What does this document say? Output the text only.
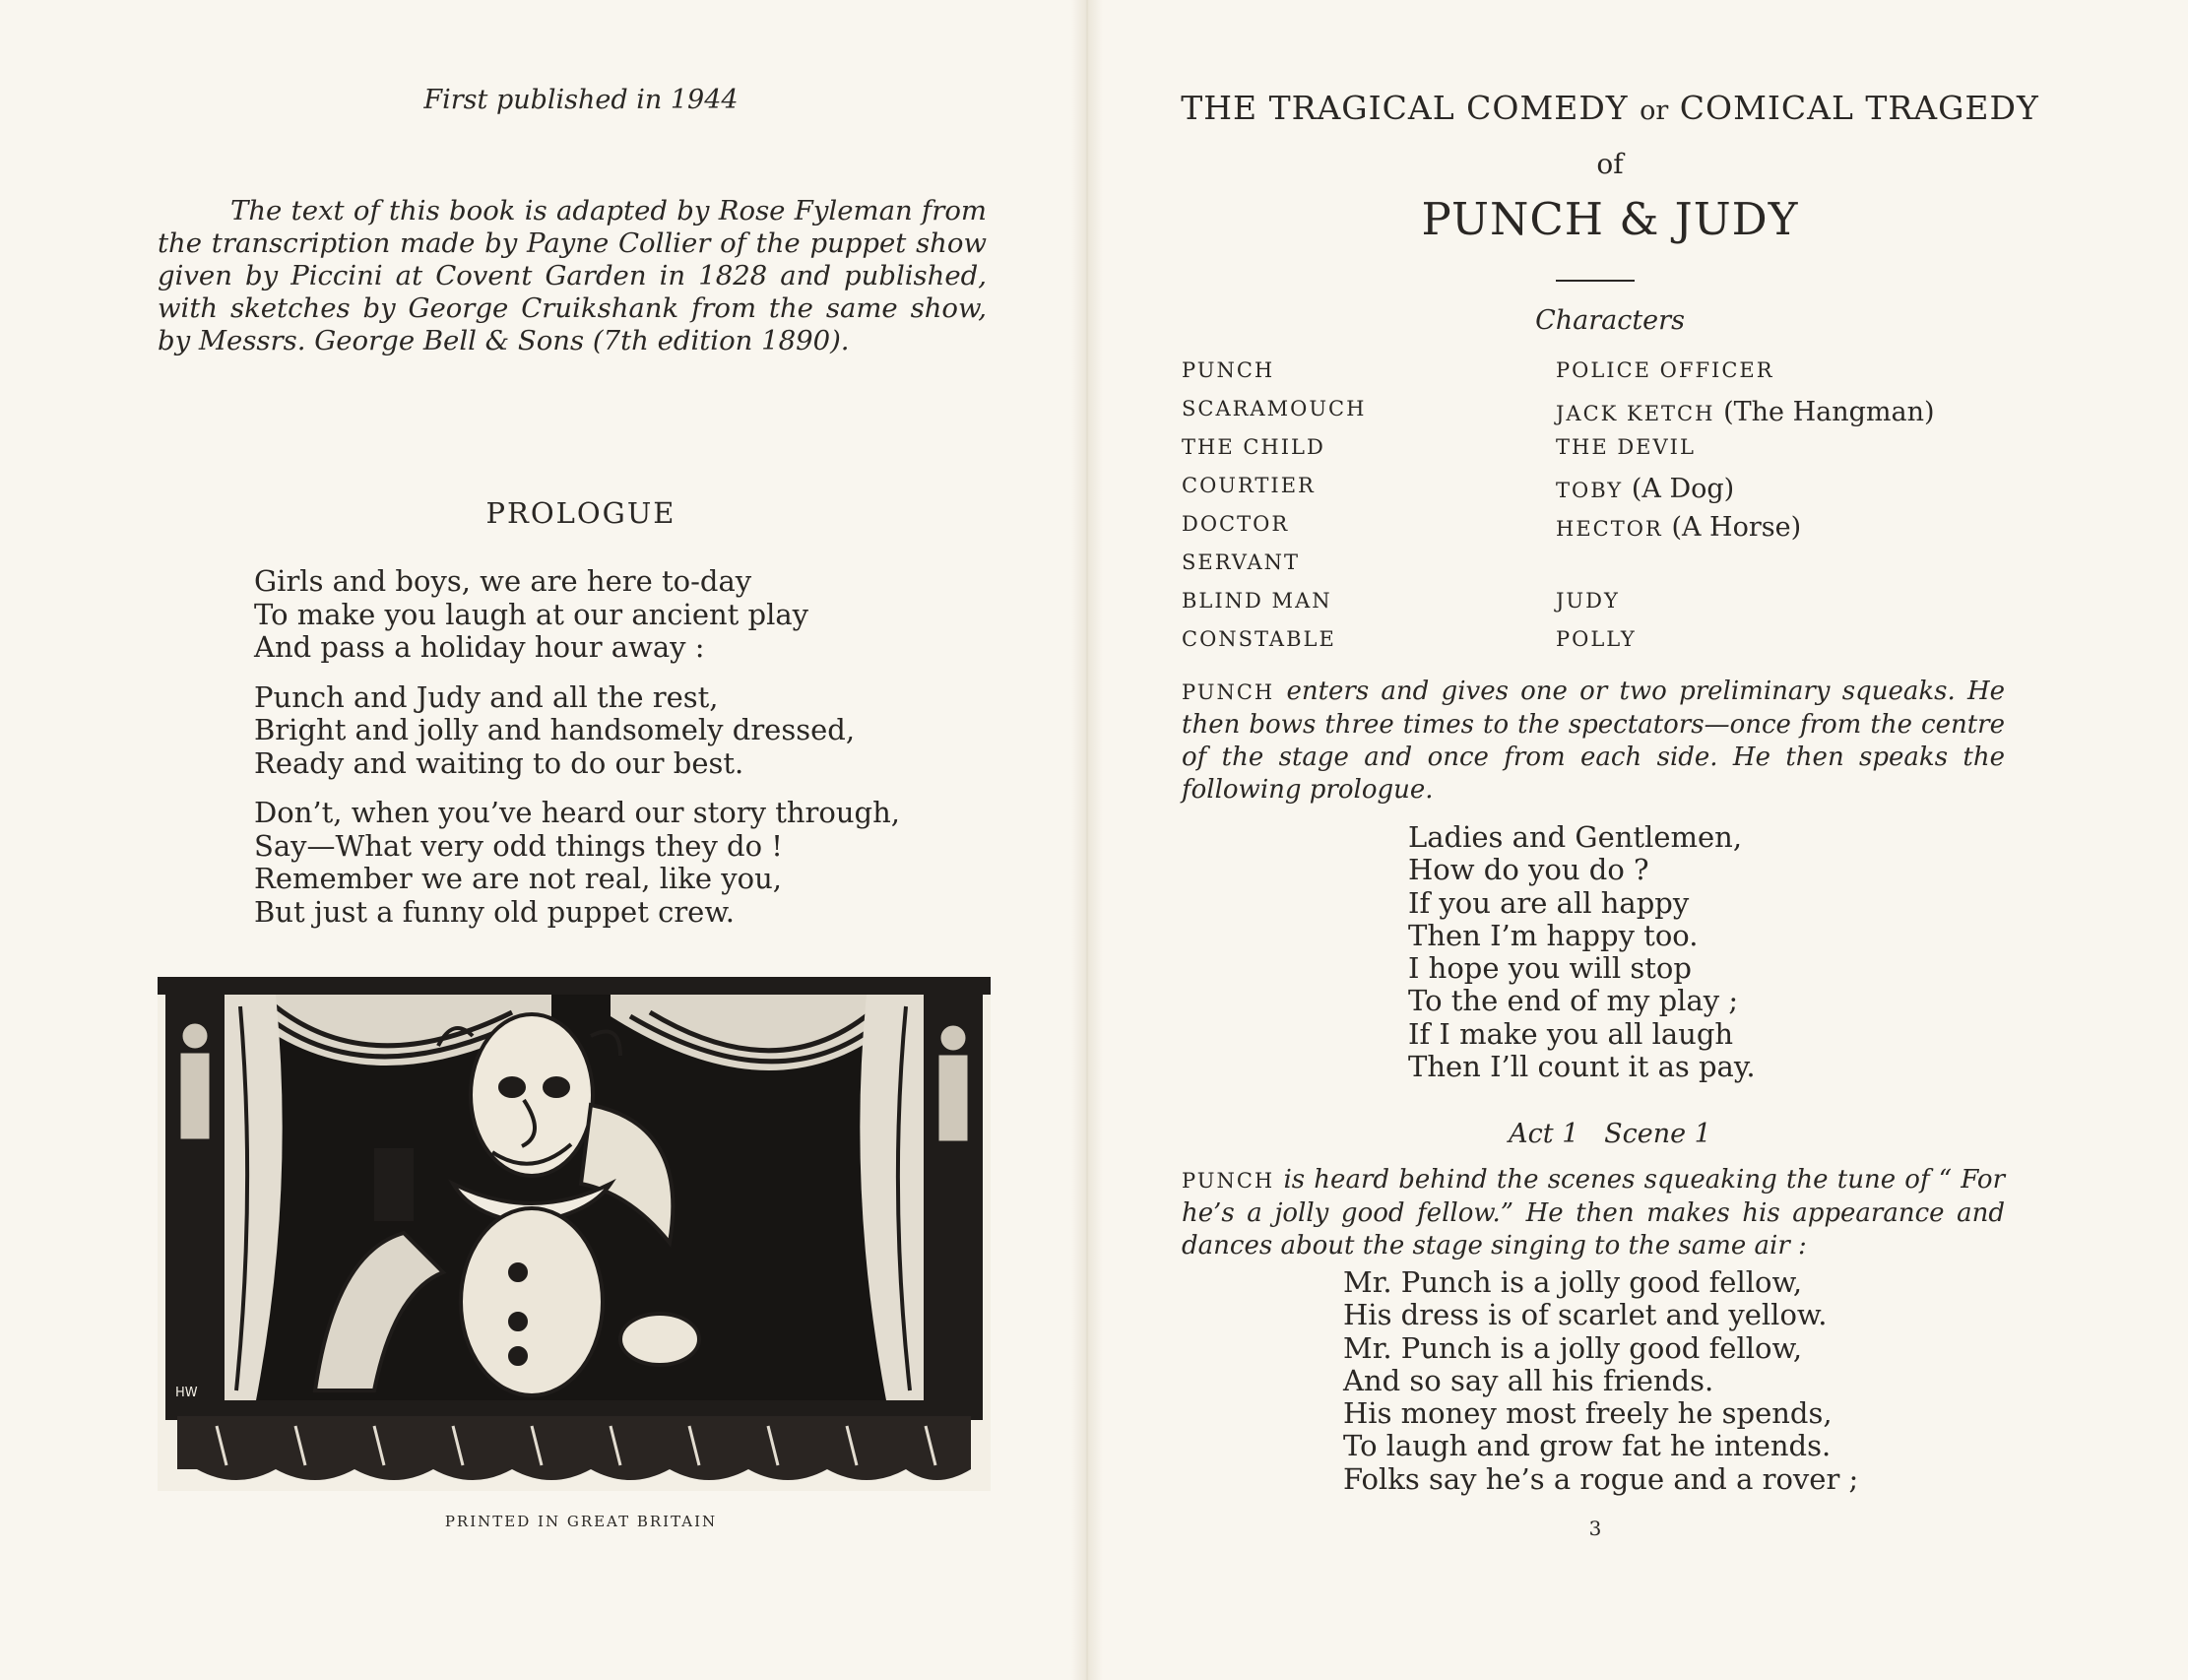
First published in 1944

The text of this book is adapted by Rose Fyleman from the transcription made by Payne Collier of the puppet show given by Piccini at Covent Garden in 1828 and published, with sketches by George Cruikshank from the same show, by Messrs. George Bell & Sons (7th edition 1890).

PROLOGUE
Girls and boys, we are here to-day
To make you laugh at our ancient play
And pass a holiday hour away :
Punch and Judy and all the rest,
Bright and jolly and handsomely dressed,
Ready and waiting to do our best.
Don’t, when you’ve heard our story through,
Say—What very odd things they do !
Remember we are not real, like you,
But just a funny old puppet crew.
HW
PRINTED IN GREAT BRITAIN
THE TRAGICAL COMEDY or COMICAL TRAGEDY
of
PUNCH & JUDY
Characters
PUNCH
SCARAMOUCH
THE CHILD
COURTIER
DOCTOR
SERVANT
BLIND MAN
CONSTABLE
POLICE OFFICER
JACK KETCH (The Hangman)
THE DEVIL
TOBY (A Dog)
HECTOR (A Horse)
JUDY
POLLY
PUNCH enters and gives one or two preliminary squeaks. He then bows three times to the spectators—once from the centre of the stage and once from each side. He then speaks the following prologue.
Ladies and Gentlemen,
How do you do ?
If you are all happy
Then I’m happy too.
I hope you will stop
To the end of my play ;
If I make you all laugh
Then I’ll count it as pay.
Act 1   Scene 1
PUNCH is heard behind the scenes squeaking the tune of “ For he’s a jolly good fellow.” He then makes his appearance and dances about the stage singing to the same air :
Mr. Punch is a jolly good fellow,
His dress is of scarlet and yellow.
Mr. Punch is a jolly good fellow,
And so say all his friends.
His money most freely he spends,
To laugh and grow fat he intends.
Folks say he’s a rogue and a rover ;
3
